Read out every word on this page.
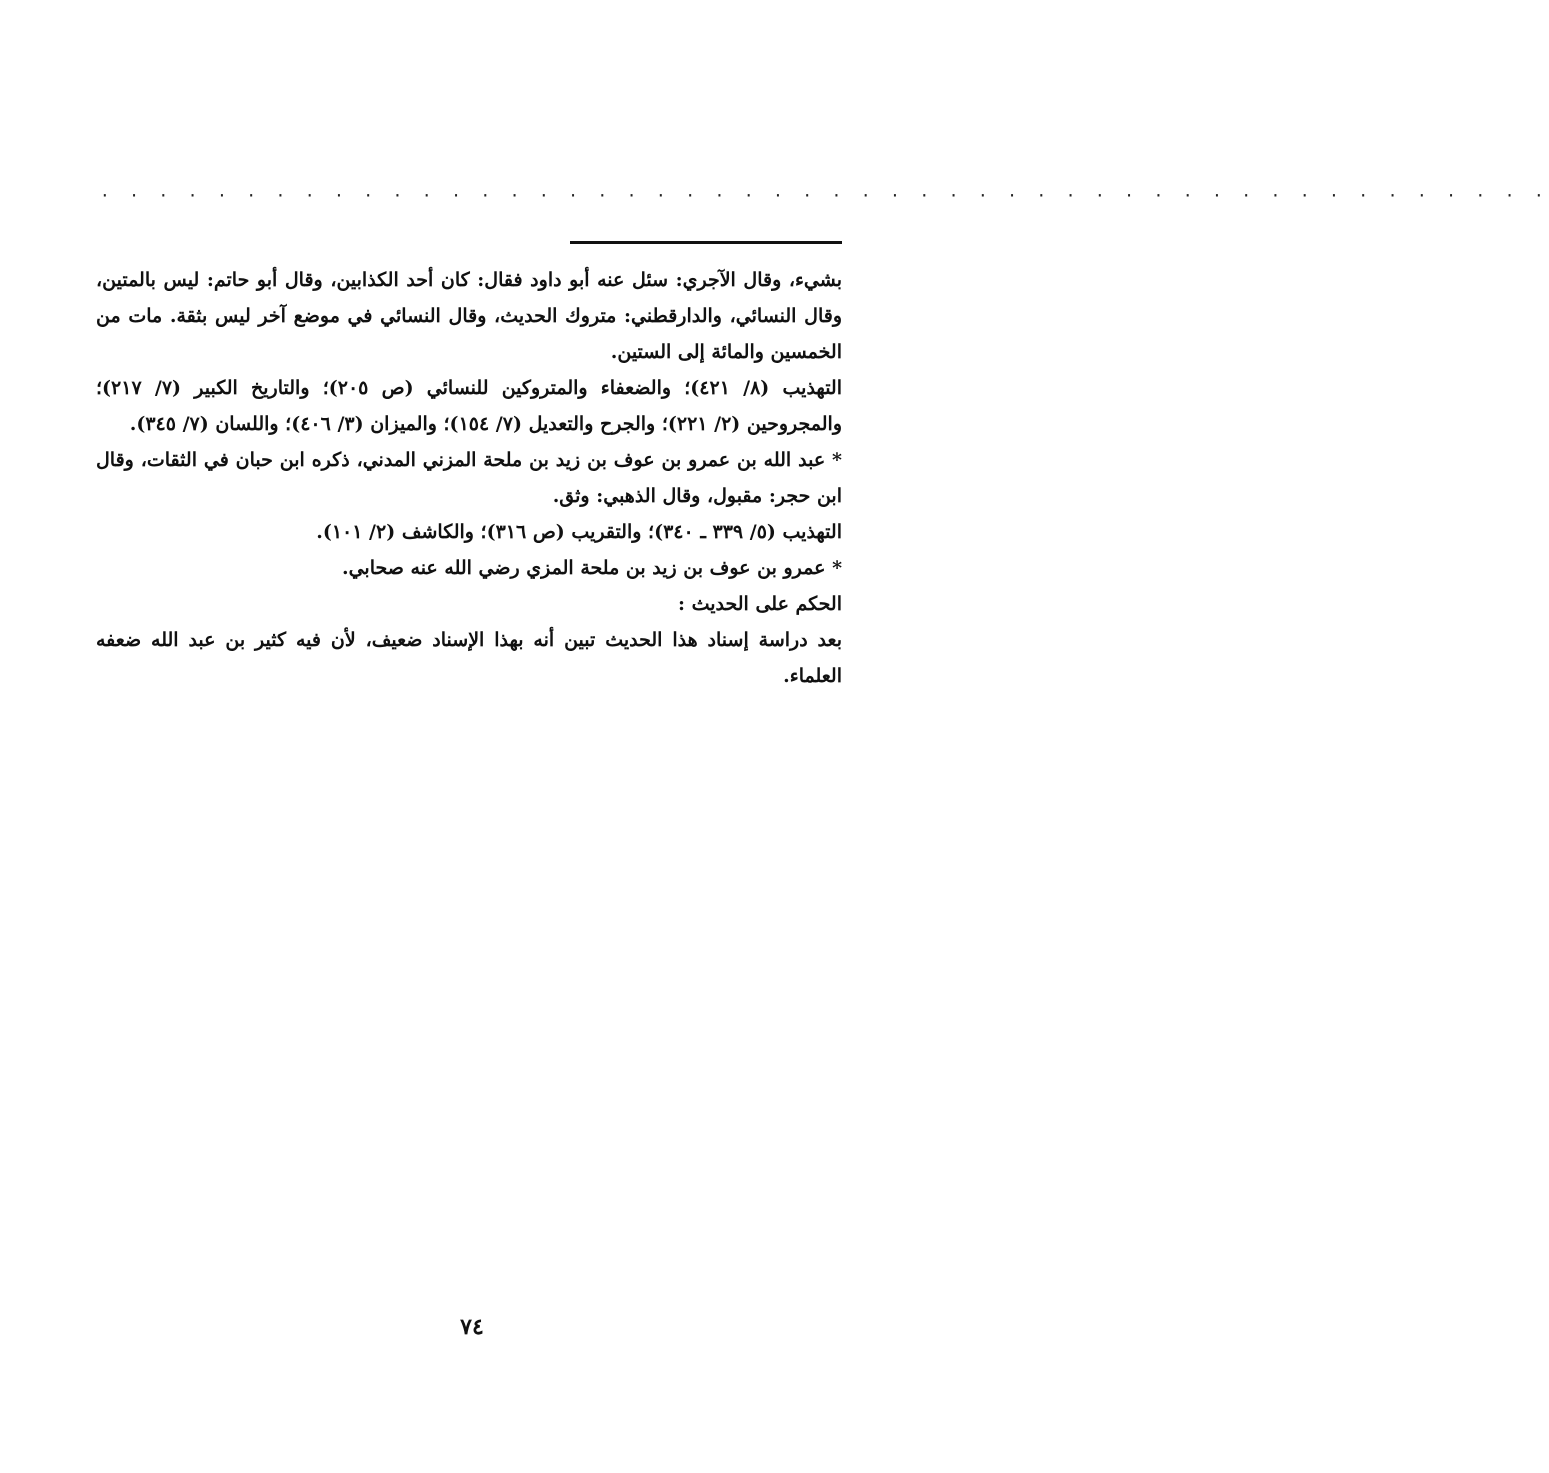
· · · · · · · · · · · · · · · · · · · · · · · · · · · · · · · · · · · · · · · · · · · · · · · · · ·

بشيء، وقال الآجري: سئل عنه أبو داود فقال: كان أحد الكذابين، وقال أبو حاتم: ليس بالمتين، وقال النسائي، والدارقطني: متروك الحديث، وقال النسائي في موضع آخر ليس بثقة. مات من الخمسين والمائة إلى الستين.

التهذيب (٨/ ٤٢١)؛ والضعفاء والمتروكين للنسائي (ص ٢٠٥)؛ والتاريخ الكبير (٧/ ٢١٧)؛ والمجروحين (٢/ ٢٢١)؛ والجرح والتعديل (٧/ ١٥٤)؛ والميزان (٣/ ٤٠٦)؛ واللسان (٧/ ٣٤٥).

* عبد الله بن عمرو بن عوف بن زيد بن ملحة المزني المدني، ذكره ابن حبان في الثقات، وقال ابن حجر: مقبول، وقال الذهبي: وثق.

التهذيب (٥/ ٣٣٩ ـ ٣٤٠)؛ والتقريب (ص ٣١٦)؛ والكاشف (٢/ ١٠١).

* عمرو بن عوف بن زيد بن ملحة المزي رضي الله عنه صحابي.

الحكم على الحديث :

بعد دراسة إسناد هذا الحديث تبين أنه بهذا الإسناد ضعيف، لأن فيه كثير بن عبد الله ضعفه العلماء.

٧٤
